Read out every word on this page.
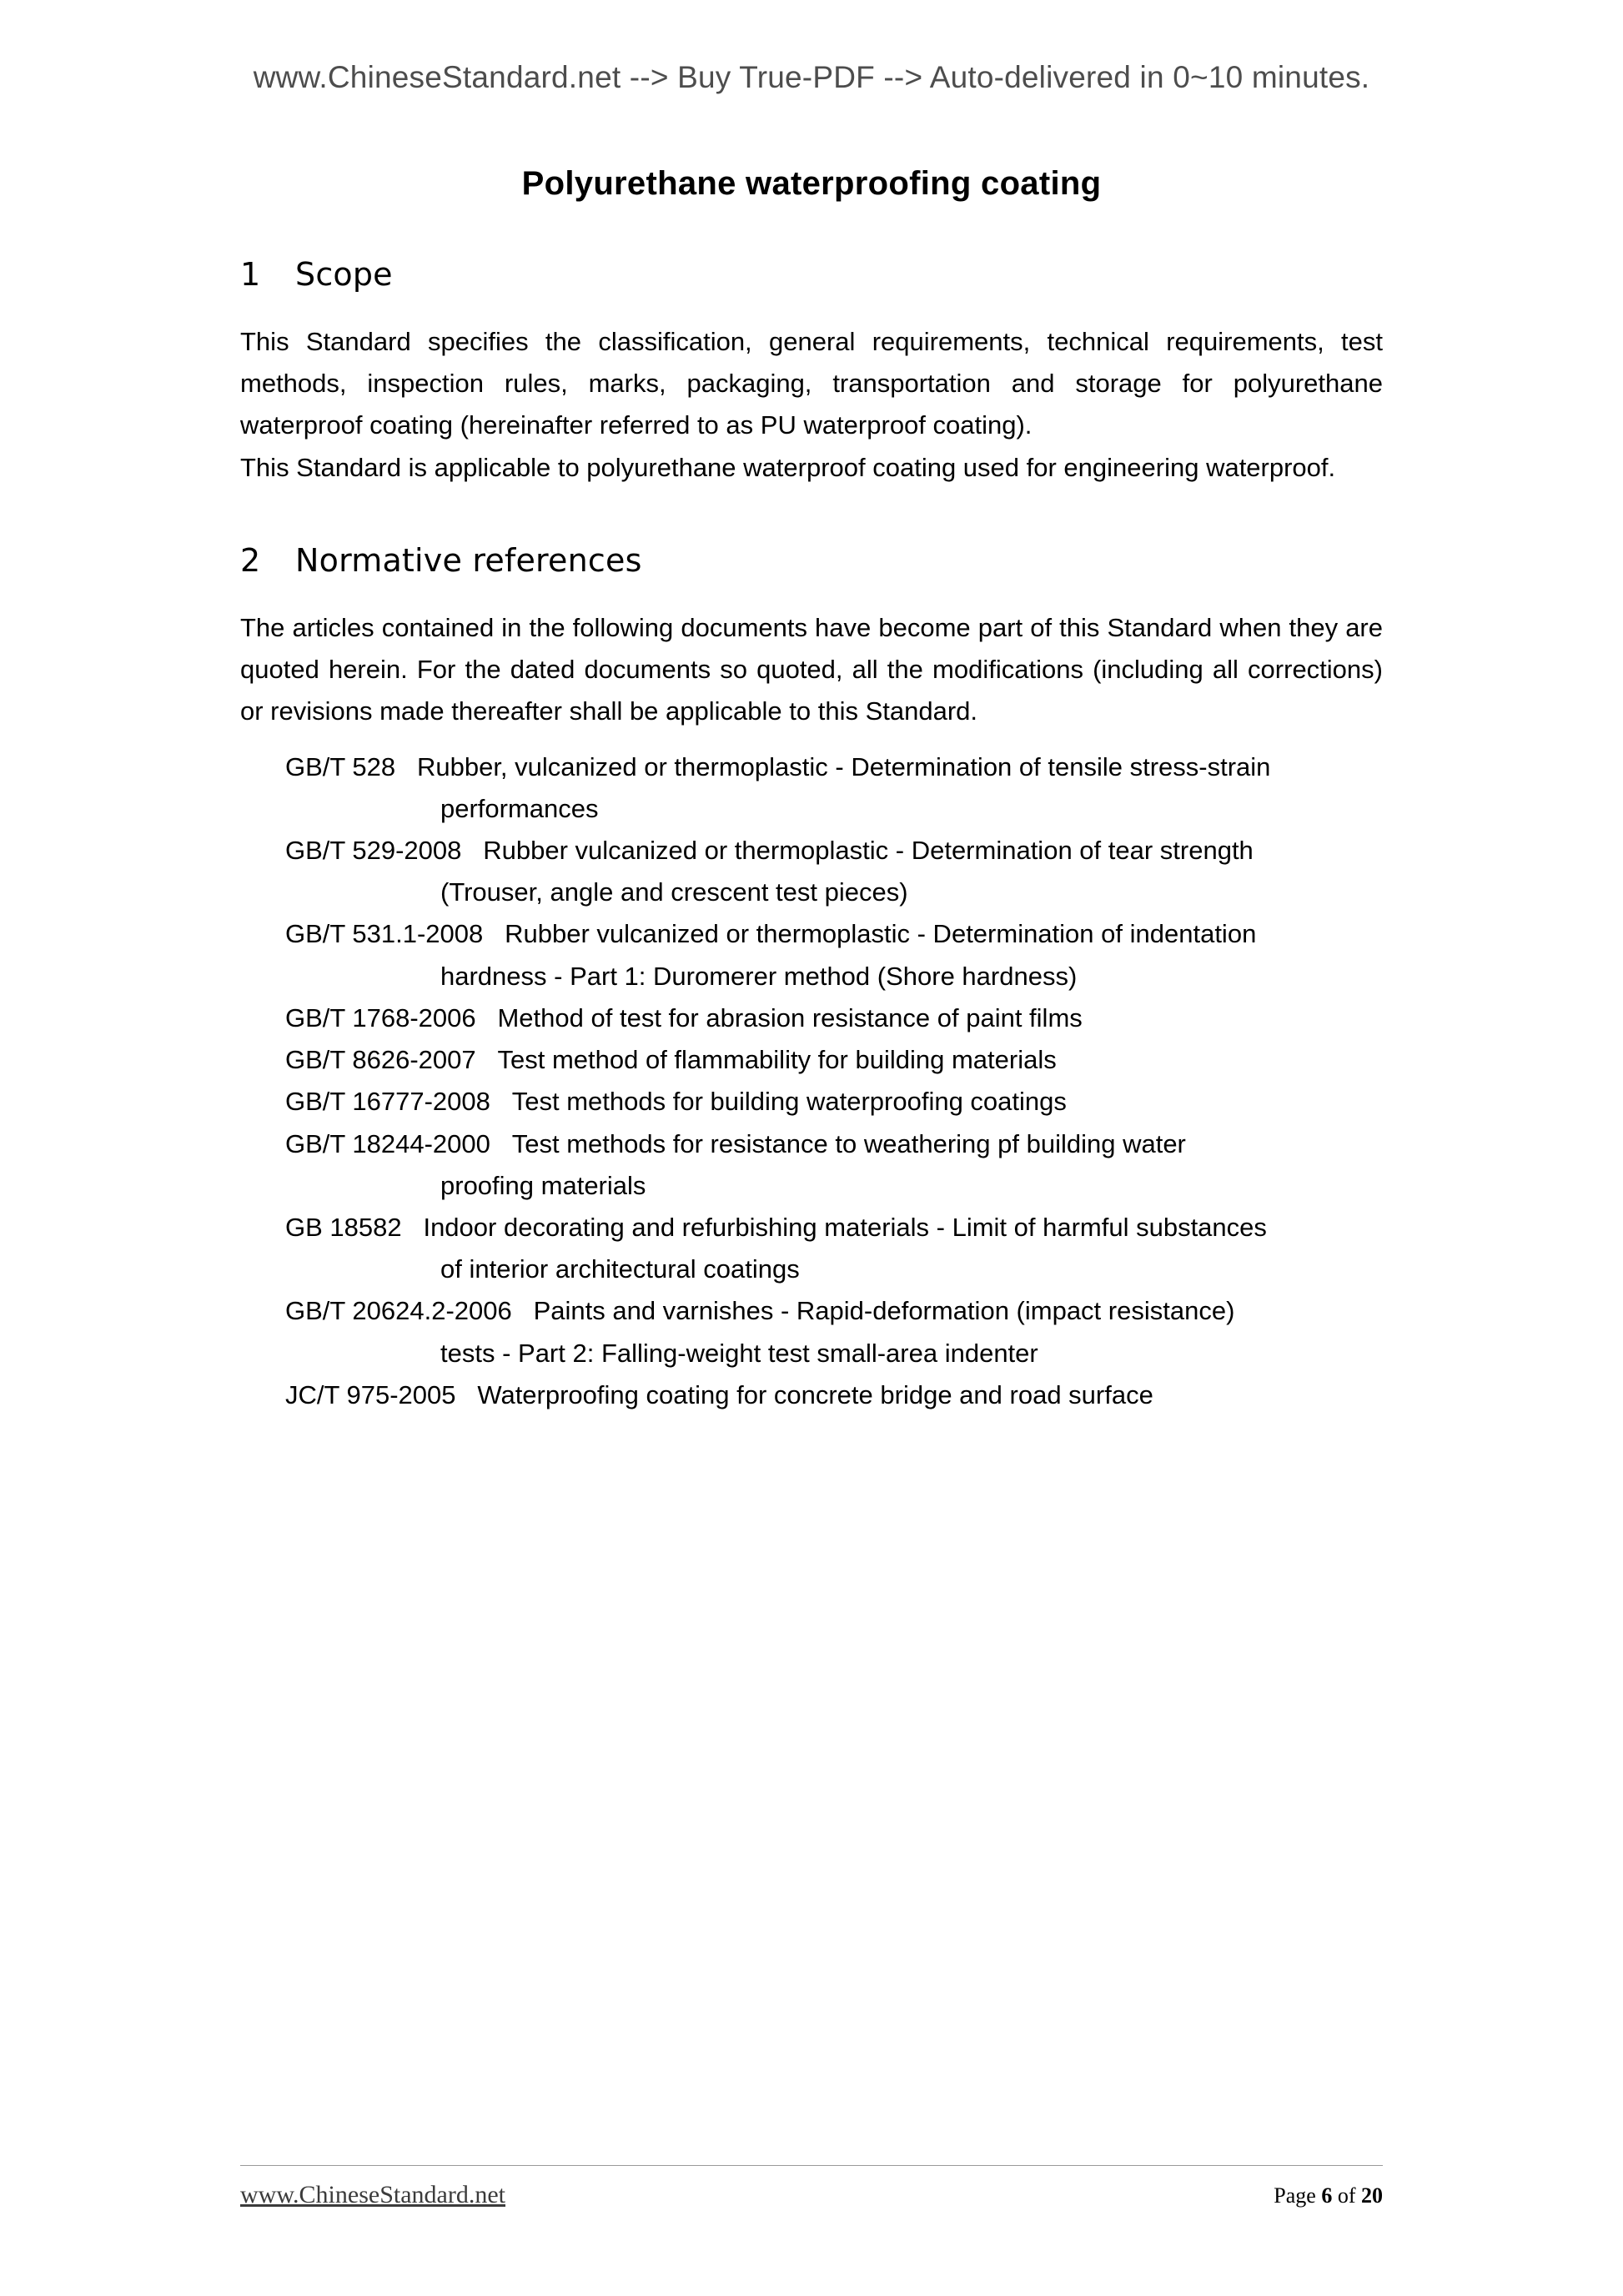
www.ChineseStandard.net --> Buy True-PDF --> Auto-delivered in 0~10 minutes.
Polyurethane waterproofing coating
1 Scope

This Standard specifies the classification, general requirements, technical requirements, test methods, inspection rules, marks, packaging, transportation and storage for polyurethane waterproof coating (hereinafter referred to as PU waterproof coating).

This Standard is applicable to polyurethane waterproof coating used for engineering waterproof.

2 Normative references

The articles contained in the following documents have become part of this Standard when they are quoted herein. For the dated documents so quoted, all the modifications (including all corrections) or revisions made thereafter shall be applicable to this Standard.

GB/T 528 Rubber, vulcanized or thermoplastic - Determination of tensile stress-strain
performances
GB/T 529-2008 Rubber vulcanized or thermoplastic - Determination of tear strength
(Trouser, angle and crescent test pieces)
GB/T 531.1-2008 Rubber vulcanized or thermoplastic - Determination of indentation
hardness - Part 1: Duromerer method (Shore hardness)
GB/T 1768-2006 Method of test for abrasion resistance of paint films
GB/T 8626-2007 Test method of flammability for building materials
GB/T 16777-2008 Test methods for building waterproofing coatings
GB/T 18244-2000 Test methods for resistance to weathering pf building water
proofing materials
GB 18582 Indoor decorating and refurbishing materials - Limit of harmful substances
of interior architectural coatings
GB/T 20624.2-2006 Paints and varnishes - Rapid-deformation (impact resistance)
tests - Part 2: Falling-weight test small-area indenter
JC/T 975-2005 Waterproofing coating for concrete bridge and road surface
www.ChineseStandard.net	Page 6 of 20
